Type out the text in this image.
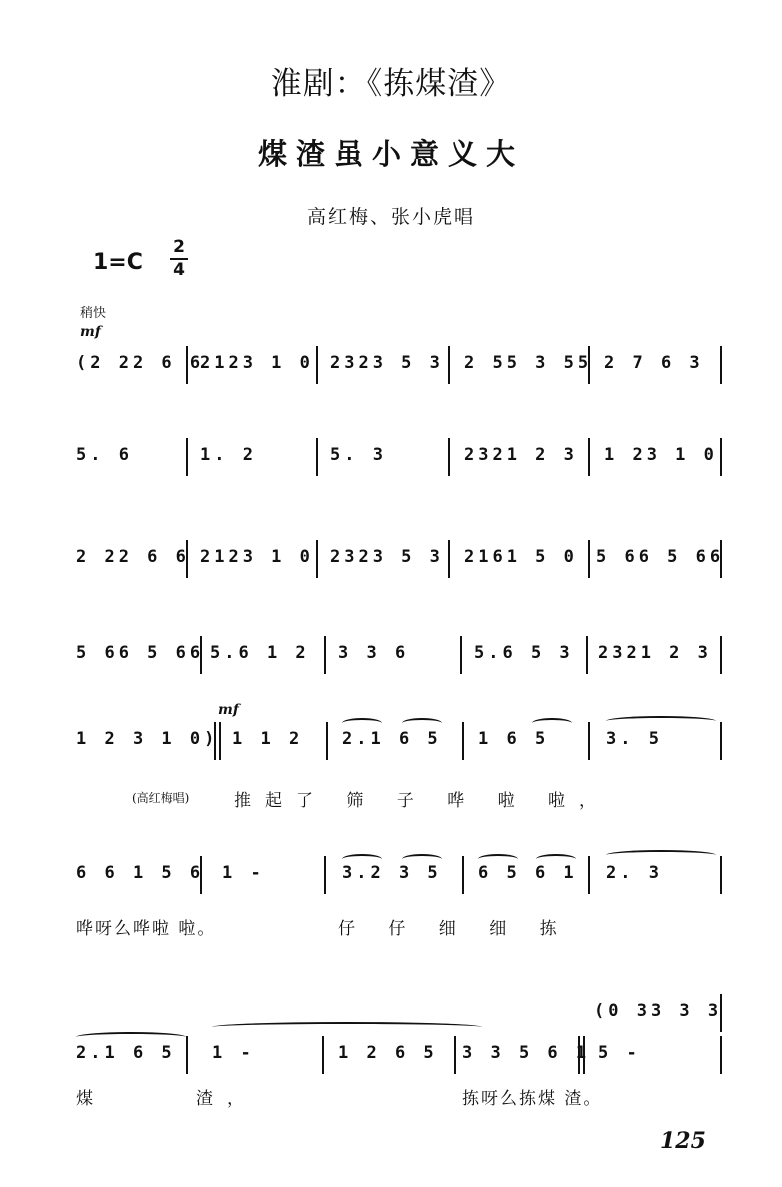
淮剧：《拣煤渣》
煤渣虽小意义大
高红梅、张小虎唱
1=C
2
4
稍快
mf
(2 22 6 6
2123 1 0 2323 5 3 2 55 3 55 2 7 6 3
5. 6	1. 2	5. 3	2321 2 3 1 23 1 0
2 22 6 6 2123 1 0 2323 5 3 2161 5 0 5 66 5 66
5 66 5 66 5.6 1 2 3 3 6	5.6 5 3 2321 2 3
mf
1 2 3 1 0) 1 1 2 2.1 6 5 1 6 5	3. 5
(高红梅唱)	推起了 筛 子 哗 啦 啦，
6 6 1 5 6 1 -	3.2 3 5 6 5 6 1 2. 3
哗呀么哗啦 啦。	仔 仔 细 细 拣
(0 33 3 3
2.1 6 5 1 -	1 2 6 5 3 3 5 6 1 5 -
煤	渣，	拣呀么拣煤 渣。
125
